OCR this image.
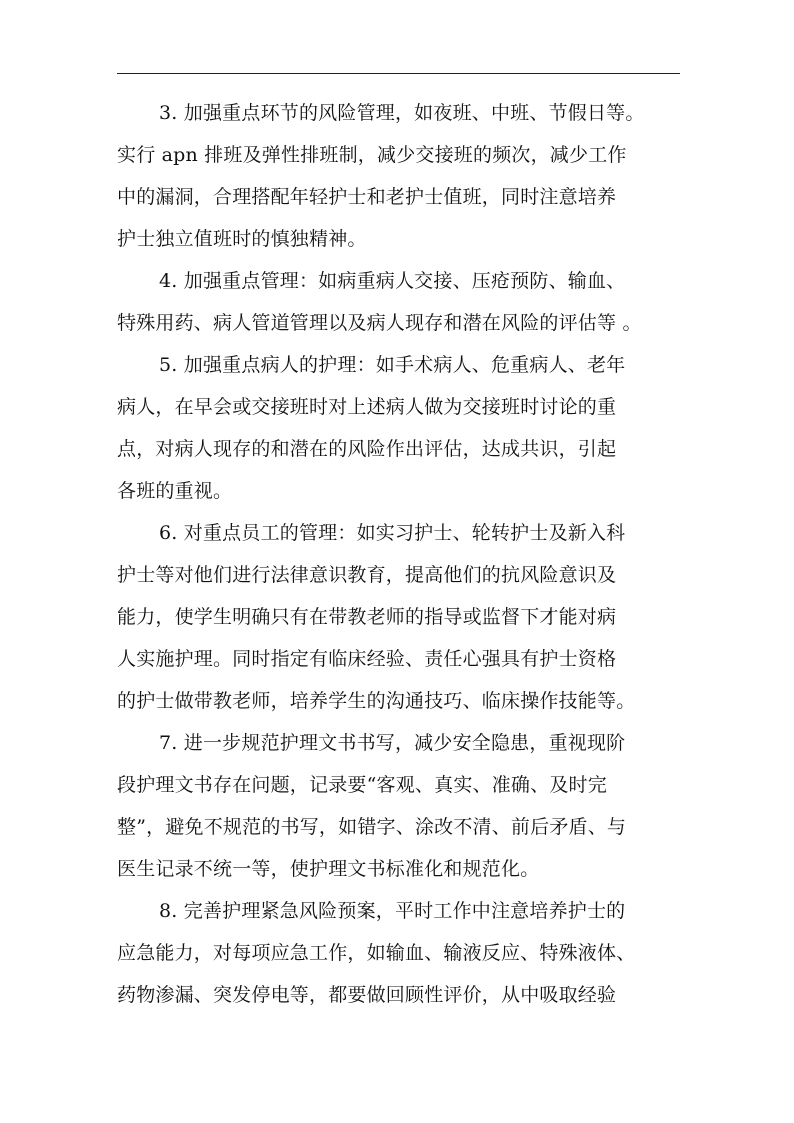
3. 加强重点环节的风险管理，如夜班、中班、节假日等。
实行 apn 排班及弹性排班制，减少交接班的频次，减少工作
中的漏洞，合理搭配年轻护士和老护士值班，同时注意培养
护士独立值班时的慎独精神。

4. 加强重点管理：如病重病人交接、压疮预防、输血、
特殊用药、病人管道管理以及病人现存和潜在风险的评估等 。

5. 加强重点病人的护理：如手术病人、危重病人、老年
病人，在早会或交接班时对上述病人做为交接班时讨论的重
点，对病人现存的和潜在的风险作出评估，达成共识，引起
各班的重视。

6. 对重点员工的管理：如实习护士、轮转护士及新入科
护士等对他们进行法律意识教育，提高他们的抗风险意识及
能力，使学生明确只有在带教老师的指导或监督下才能对病
人实施护理。同时指定有临床经验、责任心强具有护士资格
的护士做带教老师，培养学生的沟通技巧、临床操作技能等。

7. 进一步规范护理文书书写，减少安全隐患，重视现阶
段护理文书存在问题，记录要“客观、真实、准确、及时完
整”，避免不规范的书写，如错字、涂改不清、前后矛盾、与
医生记录不统一等，使护理文书标准化和规范化。

8. 完善护理紧急风险预案，平时工作中注意培养护士的
应急能力，对每项应急工作，如输血、输液反应、特殊液体、
药物渗漏、突发停电等，都要做回顾性评价，从中吸取经验
